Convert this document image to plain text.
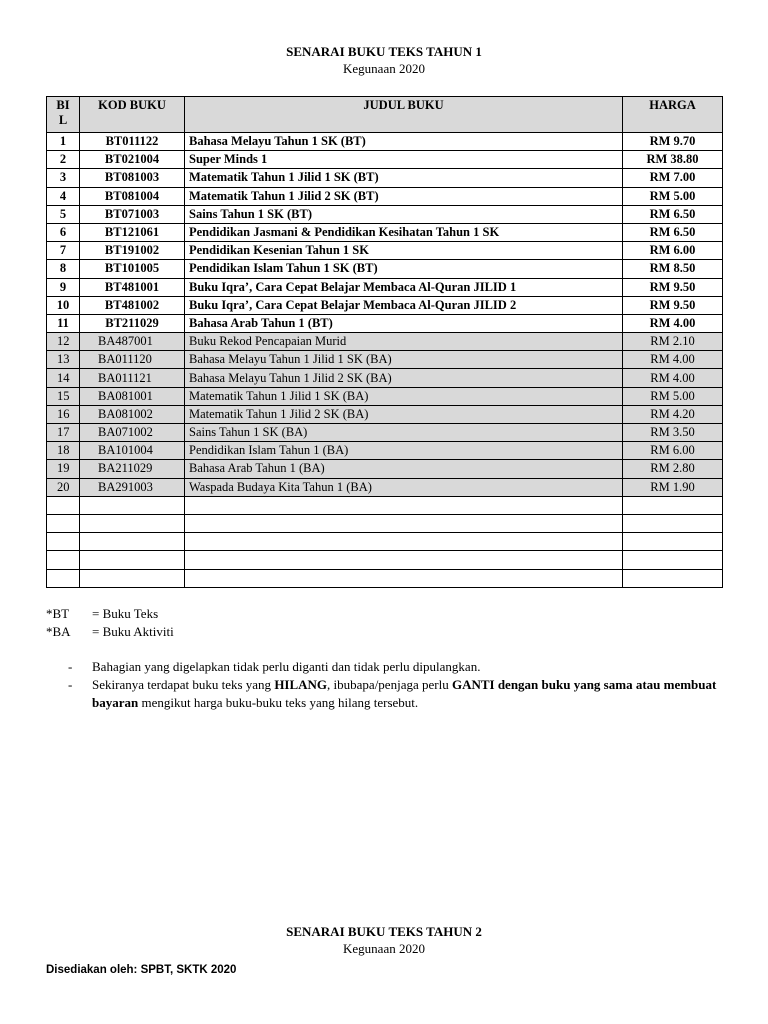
SENARAI BUKU TEKS TAHUN 1
Kegunaan 2020
BI
L	KOD BUKU	JUDUL BUKU	HARGA
1	BT011122	Bahasa Melayu Tahun 1 SK (BT)	RM 9.70
2	BT021004	Super Minds 1	RM 38.80
3	BT081003	Matematik Tahun 1 Jilid 1 SK (BT)	RM 7.00
4	BT081004	Matematik Tahun 1 Jilid 2 SK (BT)	RM 5.00
5	BT071003	Sains Tahun 1 SK (BT)	RM 6.50
6	BT121061	Pendidikan Jasmani & Pendidikan Kesihatan Tahun 1 SK	RM 6.50
7	BT191002	Pendidikan Kesenian Tahun 1 SK	RM 6.00
8	BT101005	Pendidikan Islam Tahun 1 SK (BT)	RM 8.50
9	BT481001	Buku Iqra’, Cara Cepat Belajar Membaca Al-Quran JILID 1	RM 9.50
10	BT481002	Buku Iqra’, Cara Cepat Belajar Membaca Al-Quran JILID 2	RM 9.50
11	BT211029	Bahasa Arab Tahun 1 (BT)	RM 4.00
12	BA487001	Buku Rekod Pencapaian Murid	RM 2.10
13	BA011120	Bahasa Melayu Tahun 1 Jilid 1 SK (BA)	RM 4.00
14	BA011121	Bahasa Melayu Tahun 1 Jilid 2 SK (BA)	RM 4.00
15	BA081001	Matematik Tahun 1 Jilid 1 SK (BA)	RM 5.00
16	BA081002	Matematik Tahun 1 Jilid 2 SK (BA)	RM 4.20
17	BA071002	Sains Tahun 1 SK (BA)	RM 3.50
18	BA101004	Pendidikan Islam Tahun 1 (BA)	RM 6.00
19	BA211029	Bahasa Arab Tahun 1 (BA)	RM 2.80
20	BA291003	Waspada Budaya Kita Tahun 1 (BA)	RM 1.90

*BT	= Buku Teks
*BA	= Buku Aktiviti
-	Bahagian yang digelapkan tidak perlu diganti dan tidak perlu dipulangkan.
-	Sekiranya terdapat buku teks yang HILANG, ibubapa/penjaga perlu GANTI dengan buku yang sama atau membuat bayaran mengikut harga buku-buku teks yang hilang tersebut.
SENARAI BUKU TEKS TAHUN 2
Kegunaan 2020
Disediakan oleh: SPBT, SKTK 2020
